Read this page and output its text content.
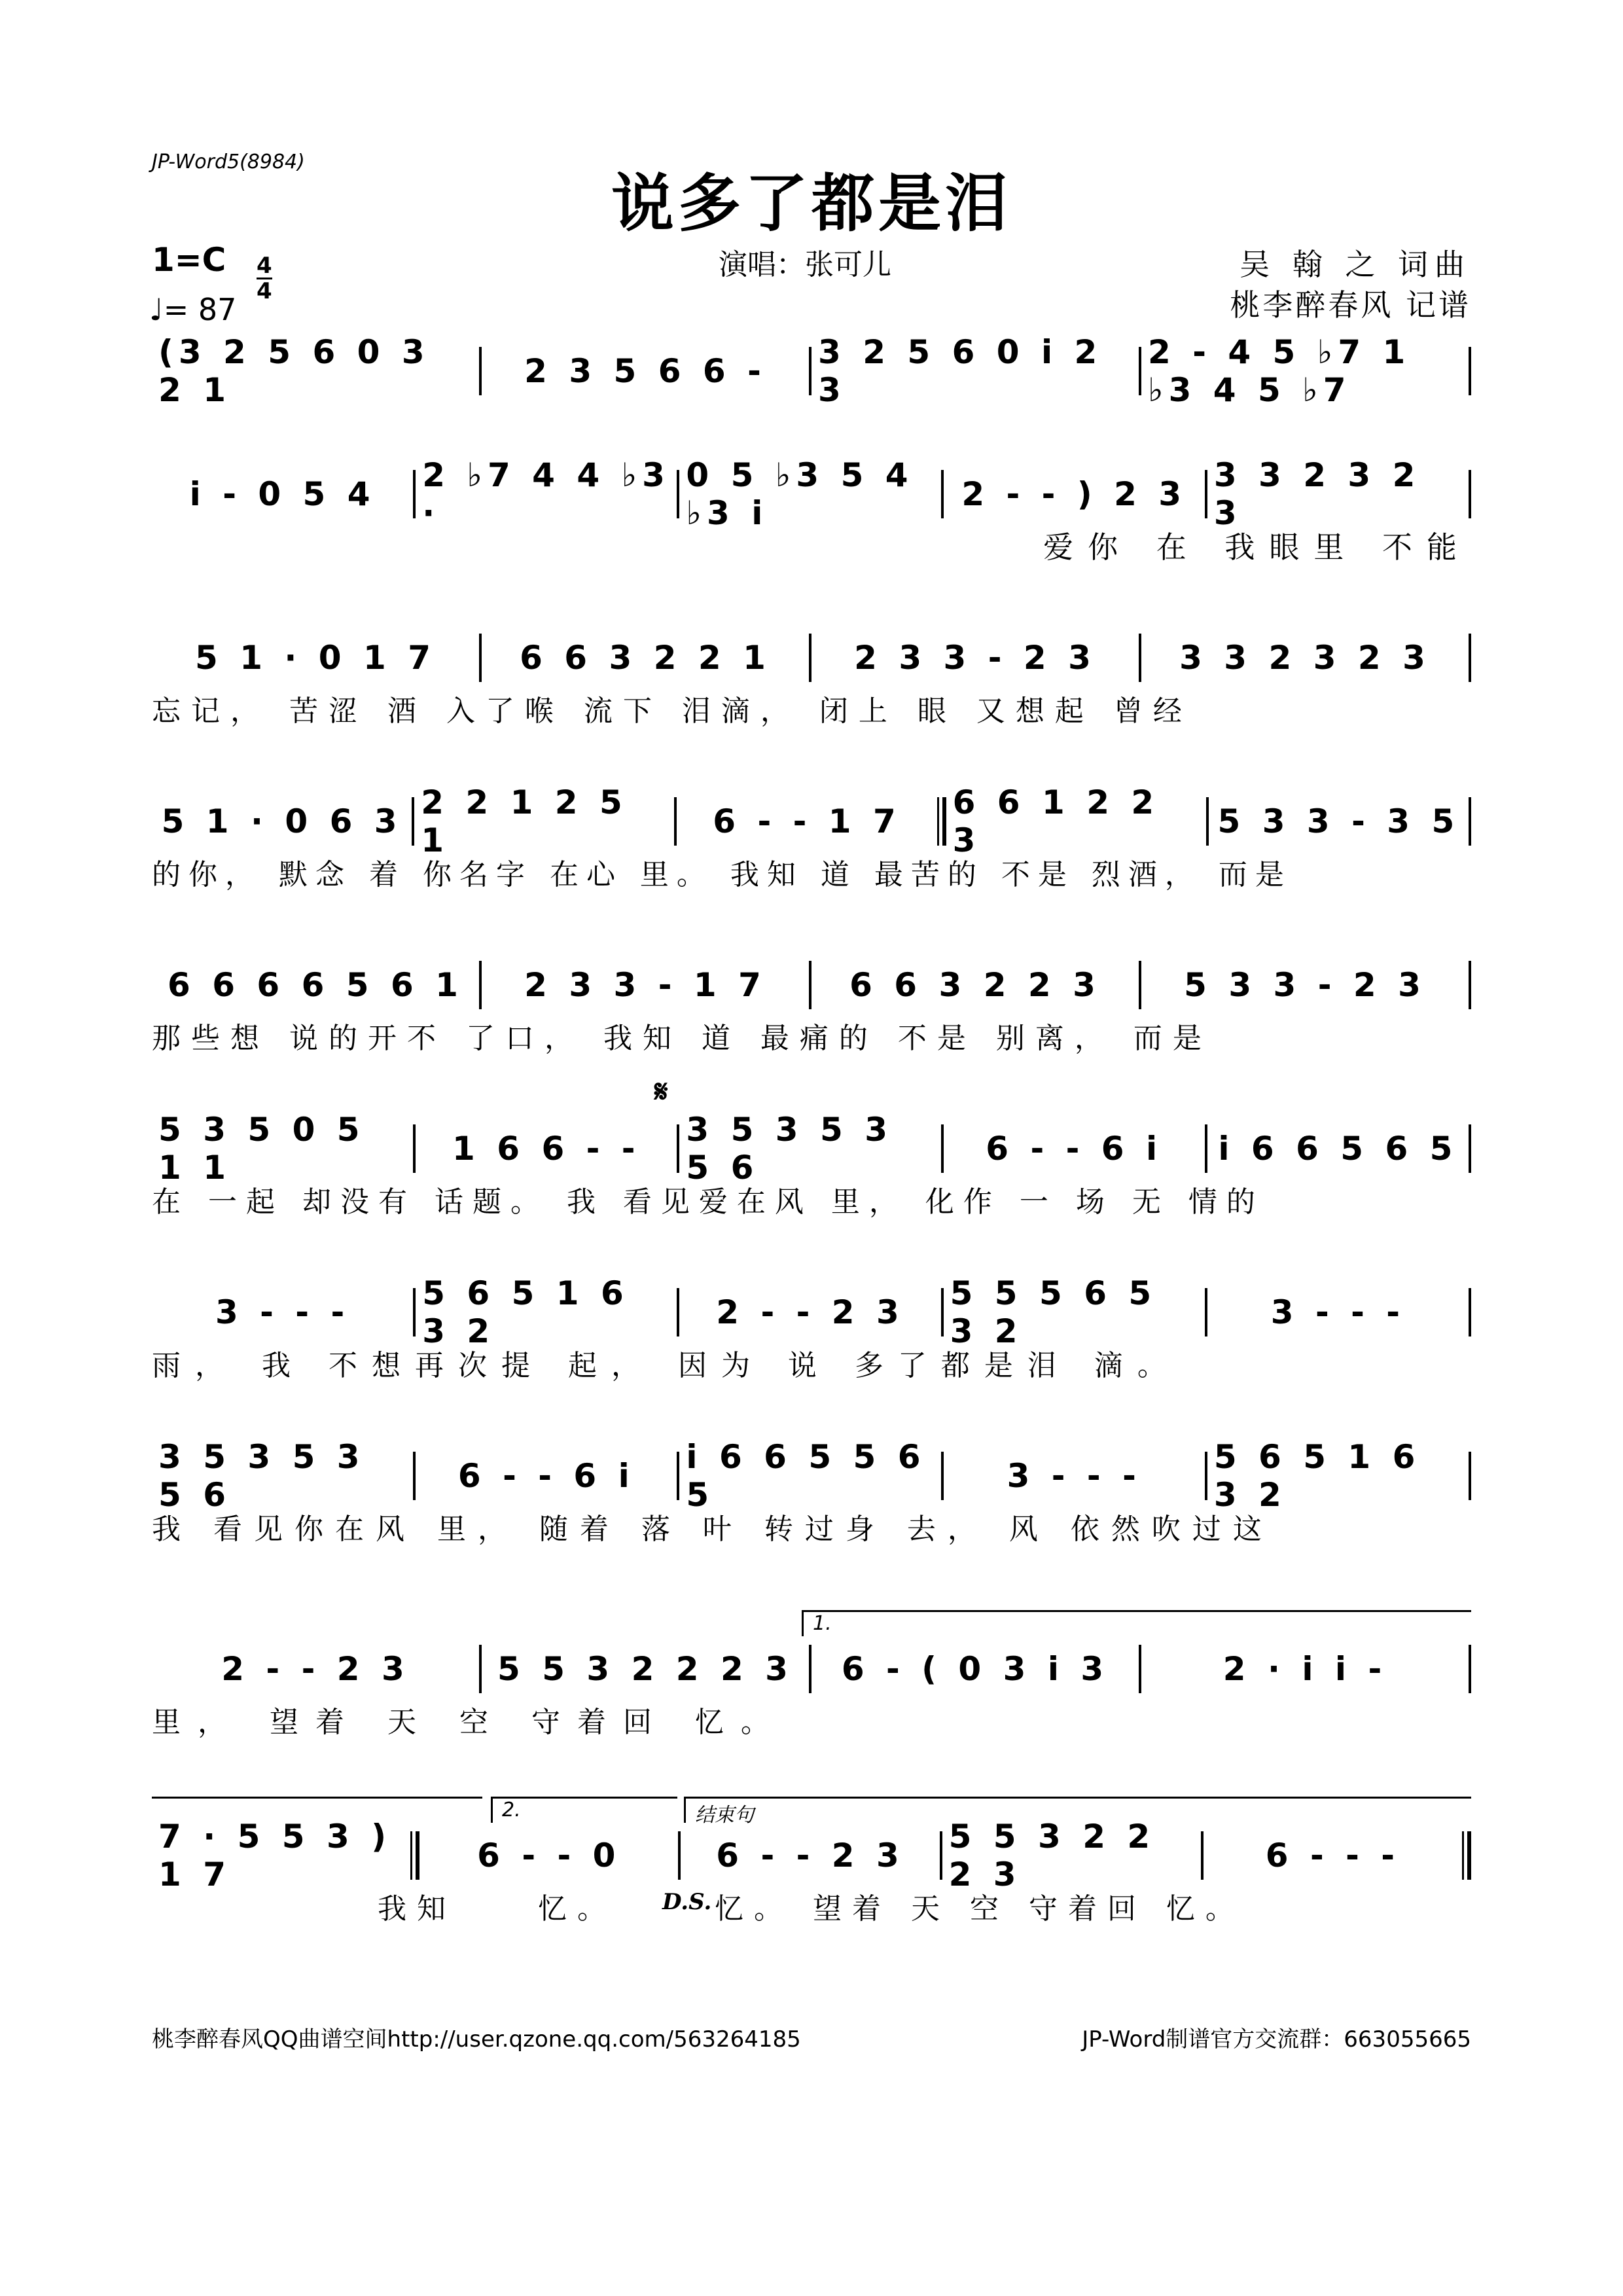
JP-Word5(8984)
说多了都是泪
$1=C \frac{4}{4}$
♩= 87
演唱：张可儿	吴 翰 之 词曲
桃李醉春风 记谱
(3 2 5 6 0 3 2 1	2 3 5 6 6 -	3 2 5 6 0 i 2 3
2 - 4 5 ♭7 1 ♭3 4 5 ♭7
i - 0 5 4	2 ♭7 4 4 ♭3 ·
0 5 ♭3 5 4 ♭3 i	2 - - ) 2 3 3 3 2 3 2 3
爱你 在 我眼里 不能
5 1 · 0 1 7	6 6 3 2 2 1	2 3 3 - 2 3	3 3 2 3 2 3
忘记， 苦涩 酒 入了喉 流下 泪滴， 闭上 眼 又想起 曾经
5 1 · 0 6 3 2 2 1 2 5 1	6 - - 1 7	6 6 1 2 2 3	5 3 3 - 3 5
的你， 默念 着 你名字 在心 里。 我知 道 最苦的 不是 烈酒， 而是
6 6 6 6 5 6 1	2 3 3 - 1 7	6 6 3 2 2 3	5 3 3 - 2 3
那些想 说的开不 了口， 我知 道 最痛的 不是 别离， 而是
𝄋
5 3 5 0 5 1 1	1 6 6 - -	3 5 3 5 3 5 6	6 - - 6 i	i 6 6 5 6 5
在 一起 却没有 话题。 我 看见爱在风 里， 化作 一 场 无 情的
3 - - -	5 6 5 1 6 3 2	2 - - 2 3	5 5 5 6 5 3 2	3 - - -
雨， 我 不想再次提 起， 因为 说 多了都是泪 滴。
3 5 3 5 3 5 6	6 - - 6 i	i 6 6 5 5 6 5	3 - - -	5 6 5 1 6 3 2
我 看见你在风 里， 随着 落 叶 转过身 去， 风 依然吹过这
1.
2 - - 2 3	5 5 3 2 2 2 3	6 - ( 0 3 i 3	2 · i i -
里， 望着 天 空 守着回 忆。
2.	结束句
7 · 5 5 3 ) 1 7	6 - - 0	6 - - 2 3	5 5 3 2 2 2 3	6 - - -
我知	忆。 D.S. 忆。 望着 天 空 守着回 忆。
桃李醉春风QQ曲谱空间http://user.qzone.qq.com/563264185	JP-Word制谱官方交流群：663055665
